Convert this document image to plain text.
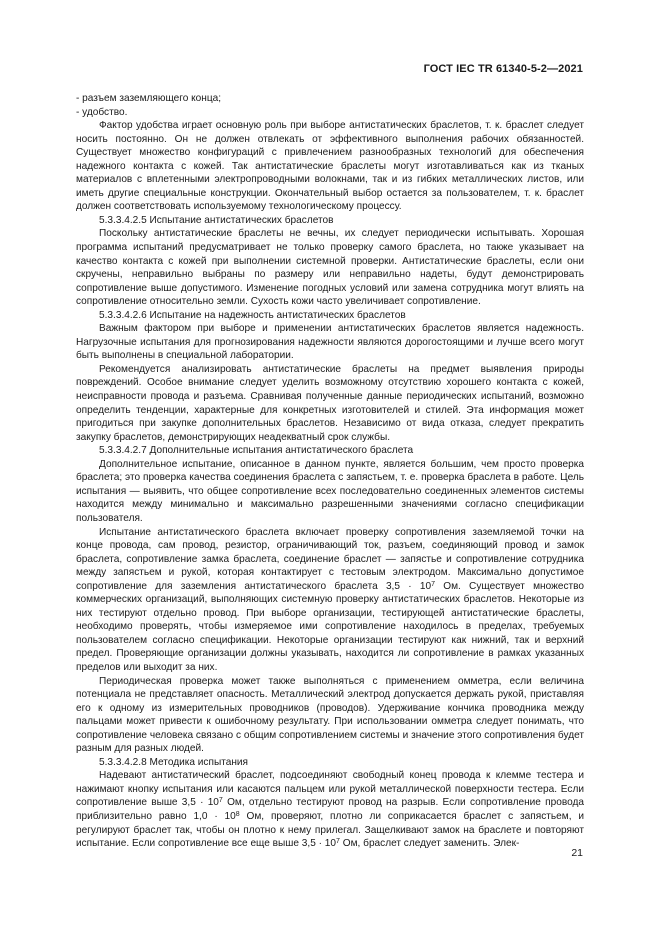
ГОСТ IEC TR 61340-5-2—2021

- разъем заземляющего конца;

- удобство.

Фактор удобства играет основную роль при выборе антистатических браслетов, т. к. браслет следует носить постоянно. Он не должен отвлекать от эффективного выполнения рабочих обязанностей. Существует множество конфигураций с привлечением разнообразных технологий для обеспечения надежного контакта с кожей. Так антистатические браслеты могут изготавливаться как из тканых материалов с вплетенными электропроводными волокнами, так и из гибких металлических листов, или иметь другие специальные конструкции. Окончательный выбор остается за пользователем, т. к. браслет должен соответствовать используемому технологическому процессу.

5.3.3.4.2.5 Испытание антистатических браслетов

Поскольку антистатические браслеты не вечны, их следует периодически испытывать. Хорошая программа испытаний предусматривает не только проверку самого браслета, но также указывает на качество контакта с кожей при выполнении системной проверки. Антистатические браслеты, если они скручены, неправильно выбраны по размеру или неправильно надеты, будут демонстрировать сопротивление выше допустимого. Изменение погодных условий или замена сотрудника могут влиять на сопротивление относительно земли. Сухость кожи часто увеличивает сопротивление.

5.3.3.4.2.6 Испытание на надежность антистатических браслетов

Важным фактором при выборе и применении антистатических браслетов является надежность. Нагрузочные испытания для прогнозирования надежности являются дорогостоящими и лучше всего могут быть выполнены в специальной лаборатории.

Рекомендуется анализировать антистатические браслеты на предмет выявления природы повреждений. Особое внимание следует уделить возможному отсутствию хорошего контакта с кожей, неисправности провода и разъема. Сравнивая полученные данные периодических испытаний, возможно определить тенденции, характерные для конкретных изготовителей и стилей. Эта информация может пригодиться при закупке дополнительных браслетов. Независимо от вида отказа, следует прекратить закупку браслетов, демонстрирующих неадекватный срок службы.

5.3.3.4.2.7 Дополнительные испытания антистатического браслета

Дополнительное испытание, описанное в данном пункте, является большим, чем просто проверка браслета; это проверка качества соединения браслета с запястьем, т. е. проверка браслета в работе. Цель испытания — выявить, что общее сопротивление всех последовательно соединенных элементов системы находится между минимально и максимально разрешенными значениями согласно спецификации пользователя.

Испытание антистатического браслета включает проверку сопротивления заземляемой точки на конце провода, сам провод, резистор, ограничивающий ток, разъем, соединяющий провод и замок браслета, сопротивление замка браслета, соединение браслет — запястье и сопротивление сотрудника между запястьем и рукой, которая контактирует с тестовым электродом. Максимально допустимое сопротивление для заземления антистатического браслета $3,5 \cdot 10^7$ Ом. Существует множество коммерческих организаций, выполняющих системную проверку антистатических браслетов. Некоторые из них тестируют отдельно провод. При выборе организации, тестирующей антистатические браслеты, необходимо проверять, чтобы измеряемое ими сопротивление находилось в пределах, требуемых пользователем согласно спецификации. Некоторые организации тестируют как нижний, так и верхний предел. Проверяющие организации должны указывать, находится ли сопротивление в рамках указанных пределов или выходит за них.

Периодическая проверка может также выполняться с применением омметра, если величина потенциала не представляет опасность. Металлический электрод допускается держать рукой, приставляя его к одному из измерительных проводников (проводов). Удерживание кончика проводника между пальцами может привести к ошибочному результату. При использовании омметра следует понимать, что сопротивление человека связано с общим сопротивлением системы и значение этого сопротивления будет разным для разных людей.

5.3.3.4.2.8 Методика испытания

Надевают антистатический браслет, подсоединяют свободный конец провода к клемме тестера и нажимают кнопку испытания или касаются пальцем или рукой металлической поверхности тестера. Если сопротивление выше $3,5 \cdot 10^7$ Ом, отдельно тестируют провод на разрыв. Если сопротивление провода приблизительно равно $1,0 \cdot 10^8$ Ом, проверяют, плотно ли соприкасается браслет с запястьем, и регулируют браслет так, чтобы он плотно к нему прилегал. Защелкивают замок на браслете и повторяют испытание. Если сопротивление все еще выше $3,5 \cdot 10^7$ Ом, браслет следует заменить. Элек-

21
